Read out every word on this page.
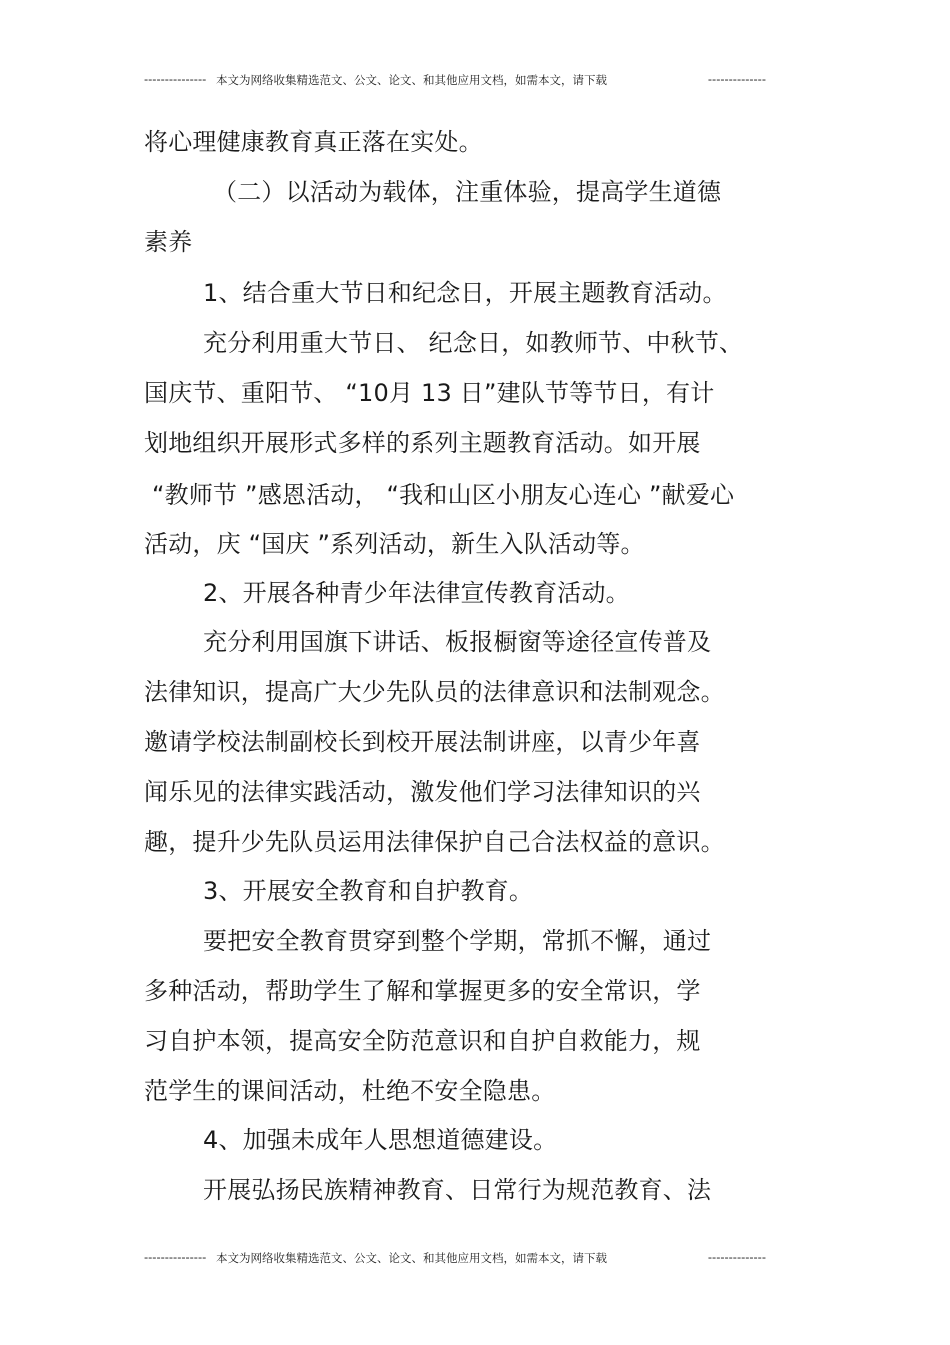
--------------- 本文为网络收集精选范文、公文、论文、和其他应用文档，如需本文，请下载	--------------
将心理健康教育真正落在实处。
（二）以活动为载体，注重体验，提高学生道德
素养
1、结合重大节日和纪念日，开展主题教育活动。
充分利用重大节日、 纪念日，如教师节、中秋节、
国庆节、重阳节、 “10月 13 日”建队节等节日，有计
划地组织开展形式多样的系列主题教育活动。如开展
“教师节 ”感恩活动， “我和山区小朋友心连心 ”献爱心
活动，庆 “国庆 ”系列活动，新生入队活动等。
2、开展各种青少年法律宣传教育活动。
充分利用国旗下讲话、板报橱窗等途径宣传普及
法律知识，提高广大少先队员的法律意识和法制观念。
邀请学校法制副校长到校开展法制讲座，以青少年喜
闻乐见的法律实践活动，激发他们学习法律知识的兴
趣，提升少先队员运用法律保护自己合法权益的意识。
3、开展安全教育和自护教育。
要把安全教育贯穿到整个学期，常抓不懈，通过
多种活动，帮助学生了解和掌握更多的安全常识，学
习自护本领，提高安全防范意识和自护自救能力，规
范学生的课间活动，杜绝不安全隐患。
4、加强未成年人思想道德建设。
开展弘扬民族精神教育、日常行为规范教育、法
--------------- 本文为网络收集精选范文、公文、论文、和其他应用文档，如需本文，请下载	--------------
